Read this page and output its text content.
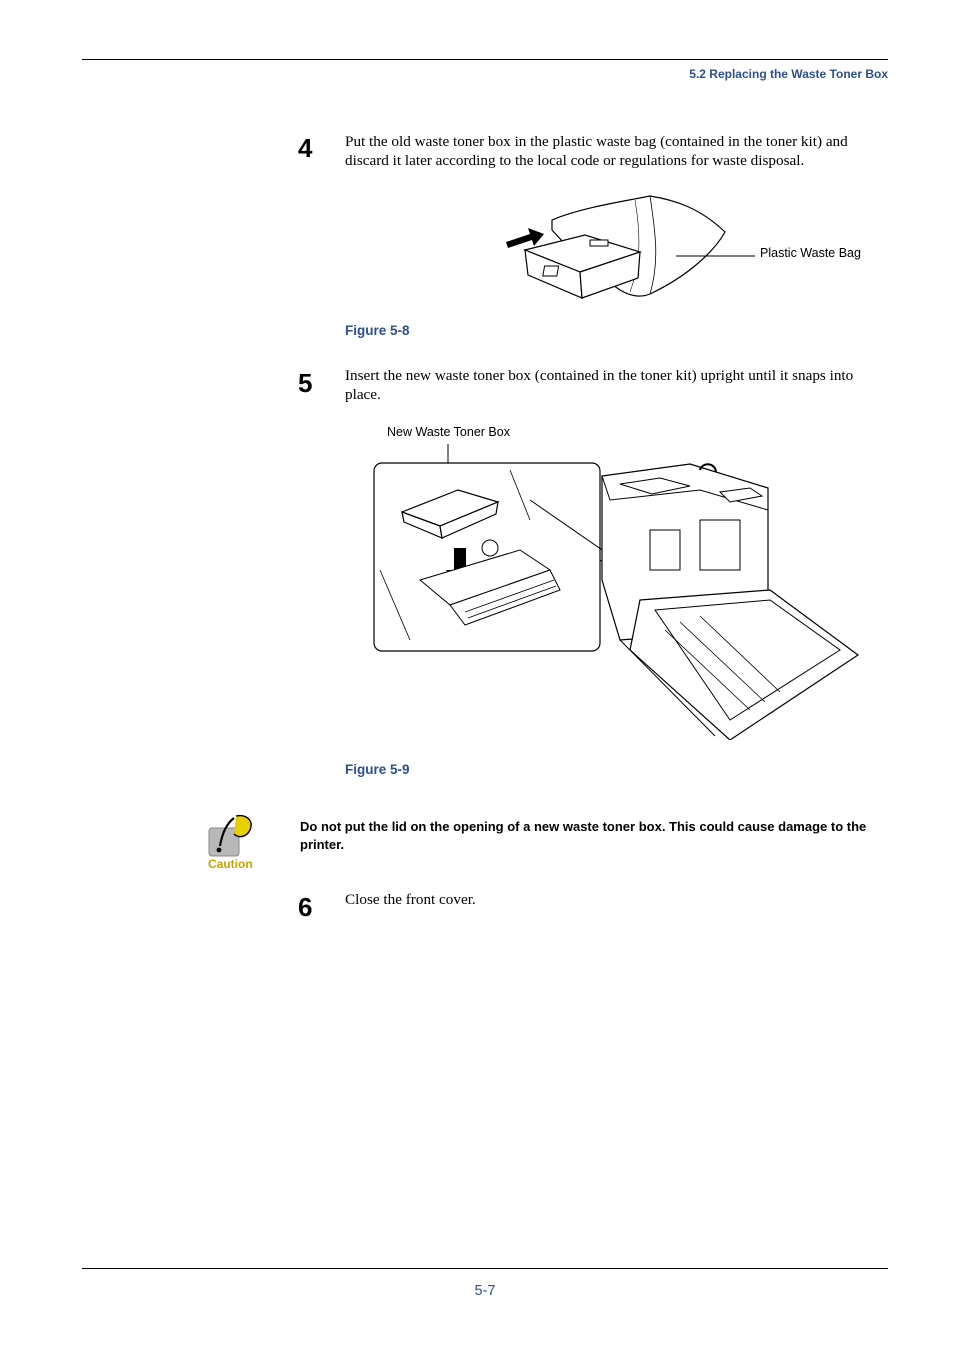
5.2 Replacing the Waste Toner Box
4	Put the old waste toner box in the plastic waste bag (contained in the toner kit) and discard it later according to the local code or regulations for waste disposal.
Plastic Waste Bag
Figure 5-8
5	Insert the new waste toner box (contained in the toner kit) upright until it snaps into place.
New Waste Toner Box
Figure 5-9
Caution
Do not put the lid on the opening of a new waste toner box. This could cause damage to the printer.
6	Close the front cover.
5-7
